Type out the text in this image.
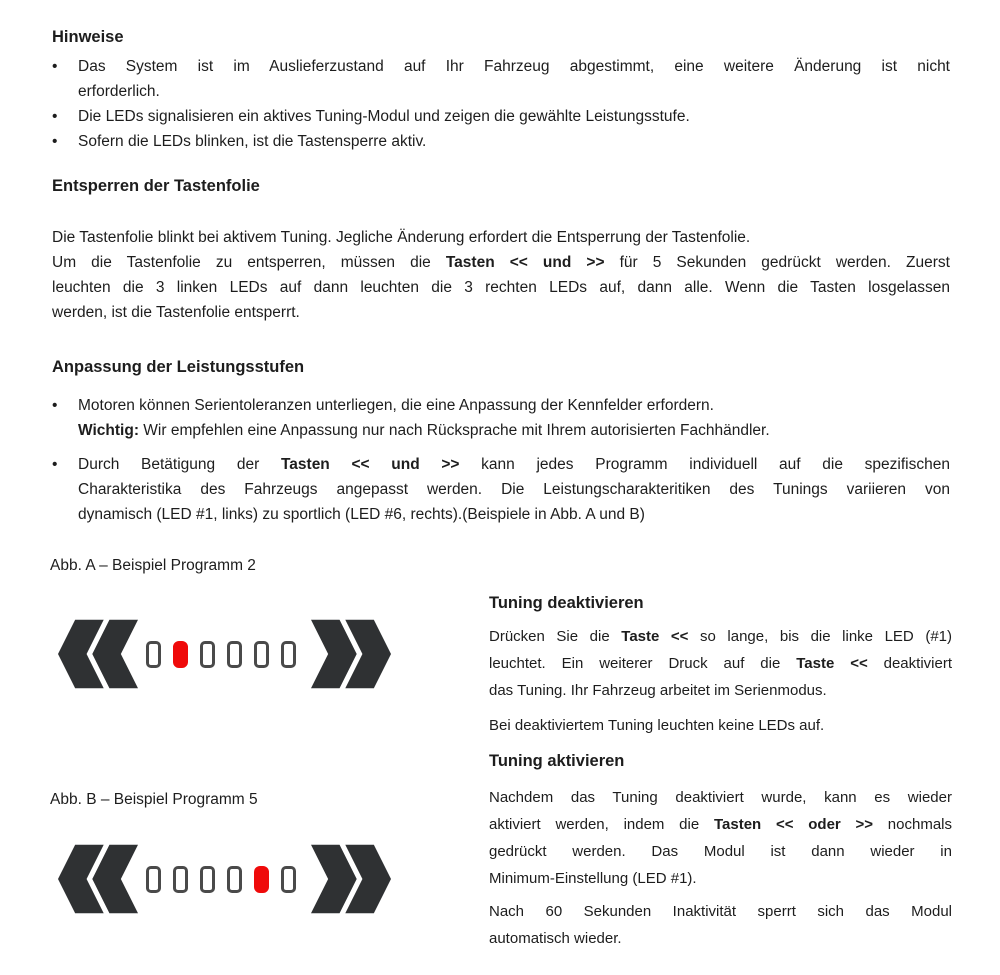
Hinweise
•	Das System ist im Auslieferzustand auf Ihr Fahrzeug abgestimmt, eine weitere Änderung ist nicht
erforderlich.
•	Die LEDs signalisieren ein aktives Tuning-Modul und zeigen die gewählte Leistungsstufe.
•	Sofern die LEDs blinken, ist die Tastensperre aktiv.
Entsperren der Tastenfolie
Die Tastenfolie blinkt bei aktivem Tuning. Jegliche Änderung erfordert die Entsperrung der Tastenfolie.
Um die Tastenfolie zu entsperren, müssen die Tasten << und >> für 5 Sekunden gedrückt werden. Zuerst
leuchten die 3 linken LEDs auf dann leuchten die 3 rechten LEDs auf, dann alle. Wenn die Tasten losgelassen
werden, ist die Tastenfolie entsperrt.
Anpassung der Leistungsstufen
•	Motoren können Serientoleranzen unterliegen, die eine Anpassung der Kennfelder erfordern.
Wichtig: Wir empfehlen eine Anpassung nur nach Rücksprache mit Ihrem autorisierten Fachhändler.
•	Durch Betätigung der Tasten << und >> kann jedes Programm individuell auf die spezifischen
Charakteristika des Fahrzeugs angepasst werden. Die Leistungscharakteritiken des Tunings variieren von
dynamisch (LED #1, links) zu sportlich (LED #6, rechts).(Beispiele in Abb. A und B)
Abb. A – Beispiel Programm 2
Abb. B – Beispiel Programm 5
Tuning deaktivieren

Drücken Sie die Taste << so lange, bis die linke LED (#1)
leuchtet. Ein weiterer Druck auf die Taste << deaktiviert
das Tuning. Ihr Fahrzeug arbeitet im Serienmodus.

Bei deaktiviertem Tuning leuchten keine LEDs auf.

Tuning aktivieren

Nachdem das Tuning deaktiviert wurde, kann es wieder
aktiviert werden, indem die Tasten << oder >> nochmals
gedrückt werden. Das Modul ist dann wieder in
Minimum-Einstellung (LED #1).

Nach 60 Sekunden Inaktivität sperrt sich das Modul
automatisch wieder.
